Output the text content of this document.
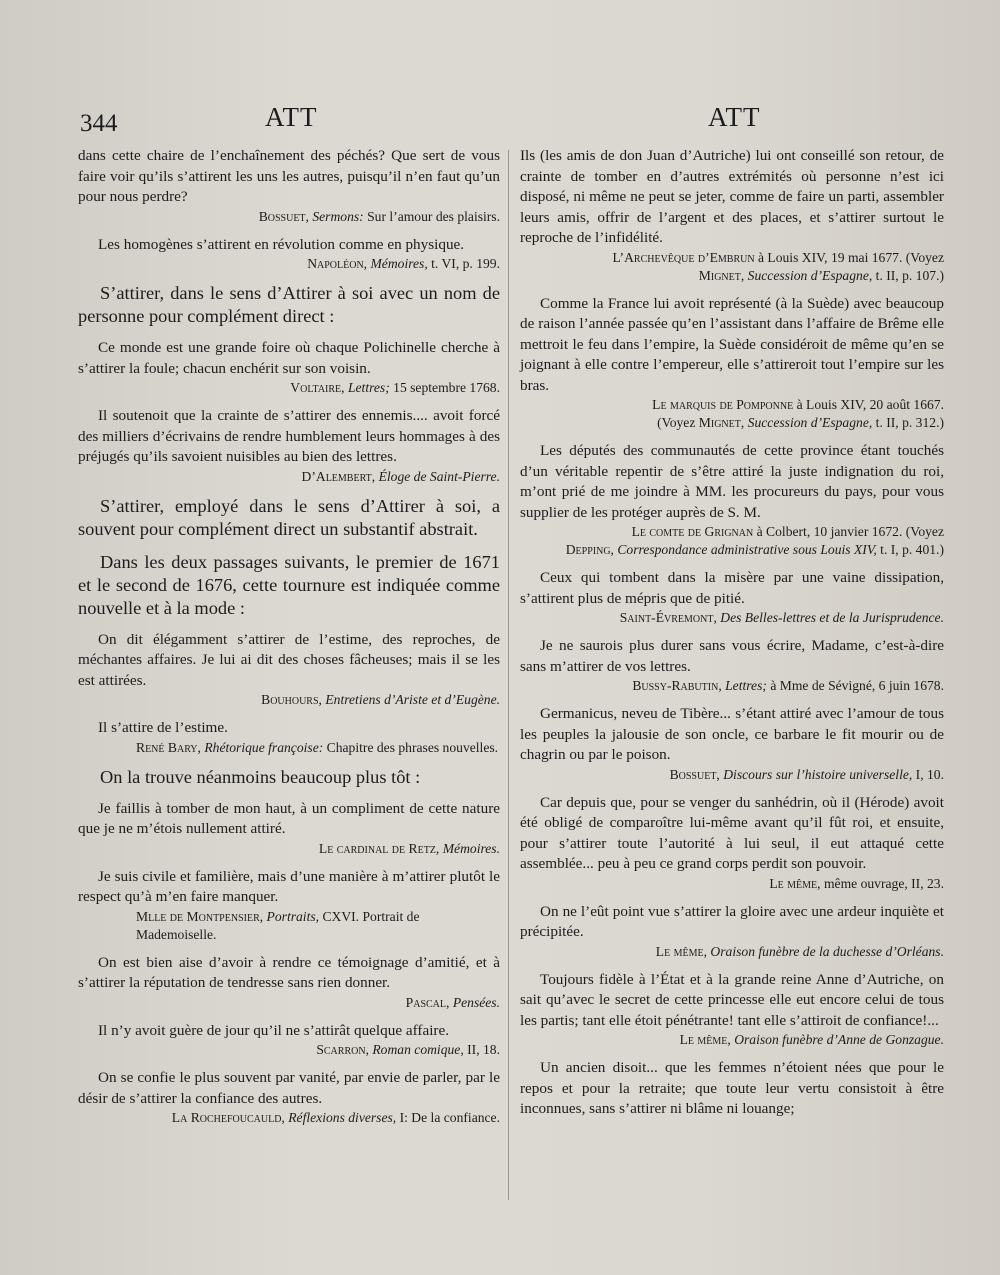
344	ATT	ATT

dans cette chaire de l’enchaînement des péchés? Que sert de vous faire voir qu’ils s’attirent les uns les autres, puisqu’il n’en faut qu’un pour nous perdre?

Bossuet, Sermons: Sur l’amour des plaisirs.

Les homogènes s’attirent en révolution comme en physique.

Napoléon, Mémoires, t. VI, p. 199.

S’attirer, dans le sens d’Attirer à soi avec un nom de personne pour complément direct :

Ce monde est une grande foire où chaque Polichinelle cherche à s’attirer la foule; chacun enchérit sur son voisin.

Voltaire, Lettres; 15 septembre 1768.

Il soutenoit que la crainte de s’attirer des ennemis.... avoit forcé des milliers d’écrivains de rendre humblement leurs hommages à des préjugés qu’ils savoient nuisibles au bien des lettres.

D’Alembert, Éloge de Saint-Pierre.

S’attirer, employé dans le sens d’Attirer à soi, a souvent pour complément direct un substantif abstrait.

Dans les deux passages suivants, le premier de 1671 et le second de 1676, cette tournure est indiquée comme nouvelle et à la mode :

On dit élégamment s’attirer de l’estime, des reproches, de méchantes affaires. Je lui ai dit des choses fâcheuses; mais il se les est attirées.

Bouhours, Entretiens d’Ariste et d’Eugène.

Il s’attire de l’estime.

René Bary, Rhétorique françoise: Chapitre des phrases nouvelles.

On la trouve néanmoins beaucoup plus tôt :

Je faillis à tomber de mon haut, à un compliment de cette nature que je ne m’étois nullement attiré.

Le cardinal de Retz, Mémoires.

Je suis civile et familière, mais d’une manière à m’attirer plutôt le respect qu’à m’en faire manquer.

Mlle de Montpensier, Portraits, CXVI. Portrait de Mademoiselle.

On est bien aise d’avoir à rendre ce témoignage d’amitié, et à s’attirer la réputation de tendresse sans rien donner.

Pascal, Pensées.

Il n’y avoit guère de jour qu’il ne s’attirât quelque affaire.

Scarron, Roman comique, II, 18.

On se confie le plus souvent par vanité, par envie de parler, par le désir de s’attirer la confiance des autres.

La Rochefoucauld, Réflexions diverses, I: De la confiance.

Ils (les amis de don Juan d’Autriche) lui ont conseillé son retour, de crainte de tomber en d’autres extrémités où personne n’est ici disposé, ni même ne peut se jeter, comme de faire un parti, assembler leurs amis, offrir de l’argent et des places, et s’attirer surtout le reproche de l’infidélité.

L’Archevêque d’Embrun à Louis XIV, 19 mai 1677. (Voyez
Mignet, Succession d’Espagne, t. II, p. 107.)

Comme la France lui avoit représenté (à la Suède) avec beaucoup de raison l’année passée qu’en l’assistant dans l’affaire de Brême elle mettroit le feu dans l’empire, la Suède considéroit de même qu’en se joignant à elle contre l’empereur, elle s’attireroit tout l’empire sur les bras.

Le marquis de Pomponne à Louis XIV, 20 août 1667.
(Voyez Mignet, Succession d’Espagne, t. II, p. 312.)

Les députés des communautés de cette province étant touchés d’un véritable repentir de s’être attiré la juste indignation du roi, m’ont prié de me joindre à MM. les procureurs du pays, pour vous supplier de les protéger auprès de S. M.

Le comte de Grignan à Colbert, 10 janvier 1672. (Voyez
Depping, Correspondance administrative sous Louis XIV, t. I, p. 401.)

Ceux qui tombent dans la misère par une vaine dissipation, s’attirent plus de mépris que de pitié.

Saint-Évremont, Des Belles-lettres et de la Jurisprudence.

Je ne saurois plus durer sans vous écrire, Madame, c’est-à-dire sans m’attirer de vos lettres.

Bussy-Rabutin, Lettres; à Mme de Sévigné, 6 juin 1678.

Germanicus, neveu de Tibère... s’étant attiré avec l’amour de tous les peuples la jalousie de son oncle, ce barbare le fit mourir ou de chagrin ou par le poison.

Bossuet, Discours sur l’histoire universelle, I, 10.

Car depuis que, pour se venger du sanhédrin, où il (Hérode) avoit été obligé de comparoître lui-même avant qu’il fût roi, et ensuite, pour s’attirer toute l’autorité à lui seul, il eut attaqué cette assemblée... peu à peu ce grand corps perdit son pouvoir.

Le même, même ouvrage, II, 23.

On ne l’eût point vue s’attirer la gloire avec une ardeur inquiète et précipitée.

Le même, Oraison funèbre de la duchesse d’Orléans.

Toujours fidèle à l’État et à la grande reine Anne d’Autriche, on sait qu’avec le secret de cette princesse elle eut encore celui de tous les partis; tant elle étoit pénétrante! tant elle s’attiroit de confiance!...

Le même, Oraison funèbre d’Anne de Gonzague.

Un ancien disoit... que les femmes n’étoient nées que pour le repos et pour la retraite; que toute leur vertu consistoit à être inconnues, sans s’attirer ni blâme ni louange;
